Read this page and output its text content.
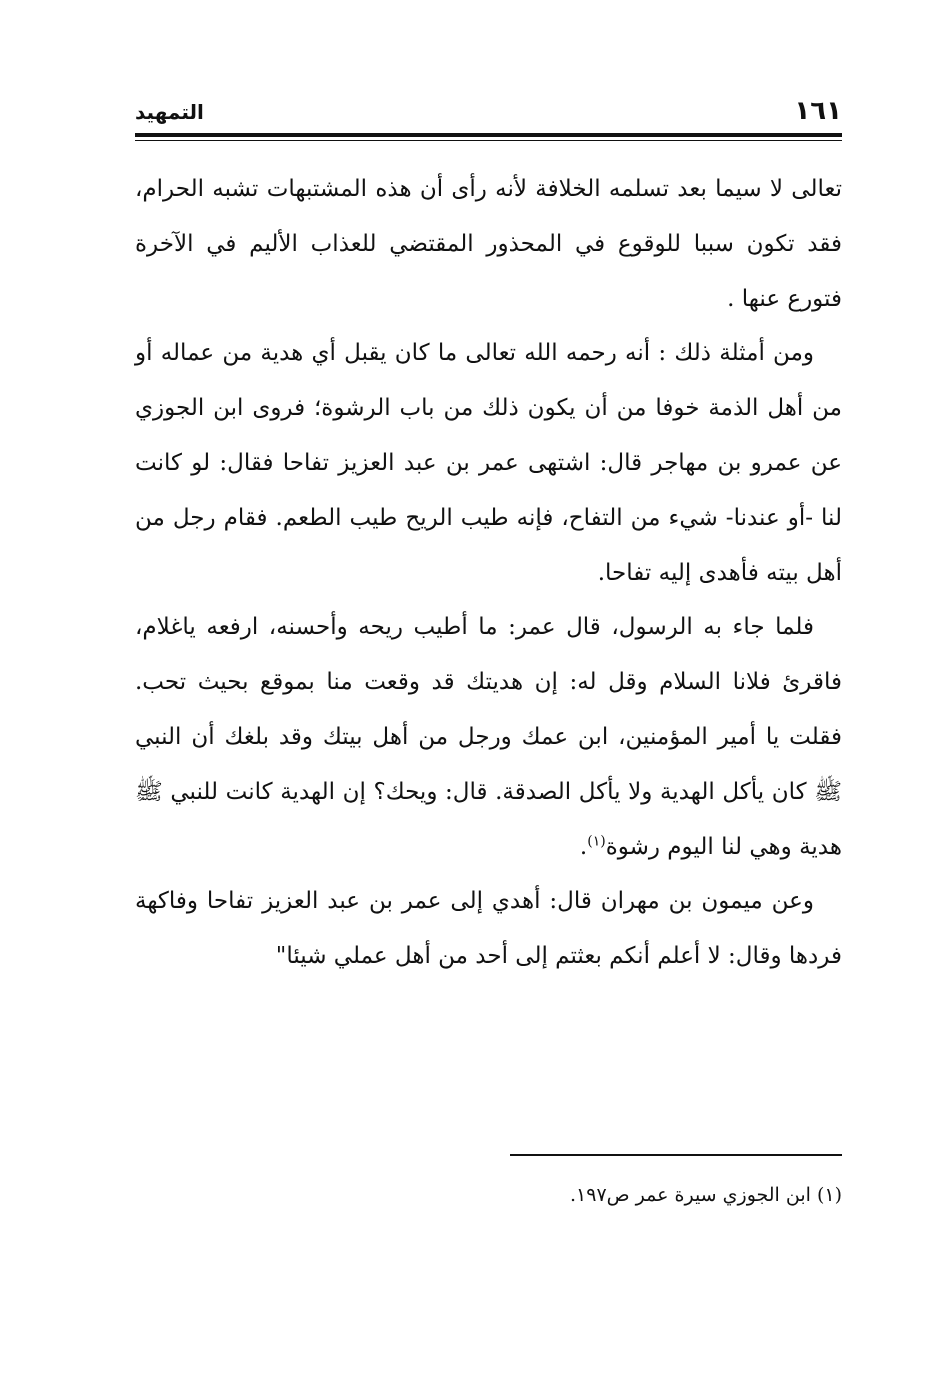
١٦١
التمهيد

تعالى لا سيما بعد تسلمه الخلافة لأنه رأى أن هذه المشتبهات تشبه الحرام، فقد تكون سببا للوقوع في المحذور المقتضي للعذاب الأليم في الآخرة فتورع عنها .

ومن أمثلة ذلك : أنه رحمه الله تعالى ما كان يقبل أي هدية من عماله أو من أهل الذمة خوفا من أن يكون ذلك من باب الرشوة؛ فروى ابن الجوزي عن عمرو بن مهاجر قال: اشتهى عمر بن عبد العزيز تفاحا فقال: لو كانت لنا -أو عندنا- شيء من التفاح، فإنه طيب الريح طيب الطعم. فقام رجل من أهل بيته فأهدى إليه تفاحا.

فلما جاء به الرسول، قال عمر: ما أطيب ريحه وأحسنه، ارفعه ياغلام، فاقرئ فلانا السلام وقل له: إن هديتك قد وقعت منا بموقع بحيث تحب. فقلت يا أمير المؤمنين، ابن عمك ورجل من أهل بيتك وقد بلغك أن النبي ﷺ كان يأكل الهدية ولا يأكل الصدقة. قال: ويحك؟ إن الهدية كانت للنبي ﷺ هدية وهي لنا اليوم رشوة$^{(١)}$.

وعن ميمون بن مهران قال: أهدي إلى عمر بن عبد العزيز تفاحا وفاكهة فردها وقال: لا أعلم أنكم بعثتم إلى أحد من أهل عملي شيئا"

(١) ابن الجوزي سيرة عمر ص١٩٧.
